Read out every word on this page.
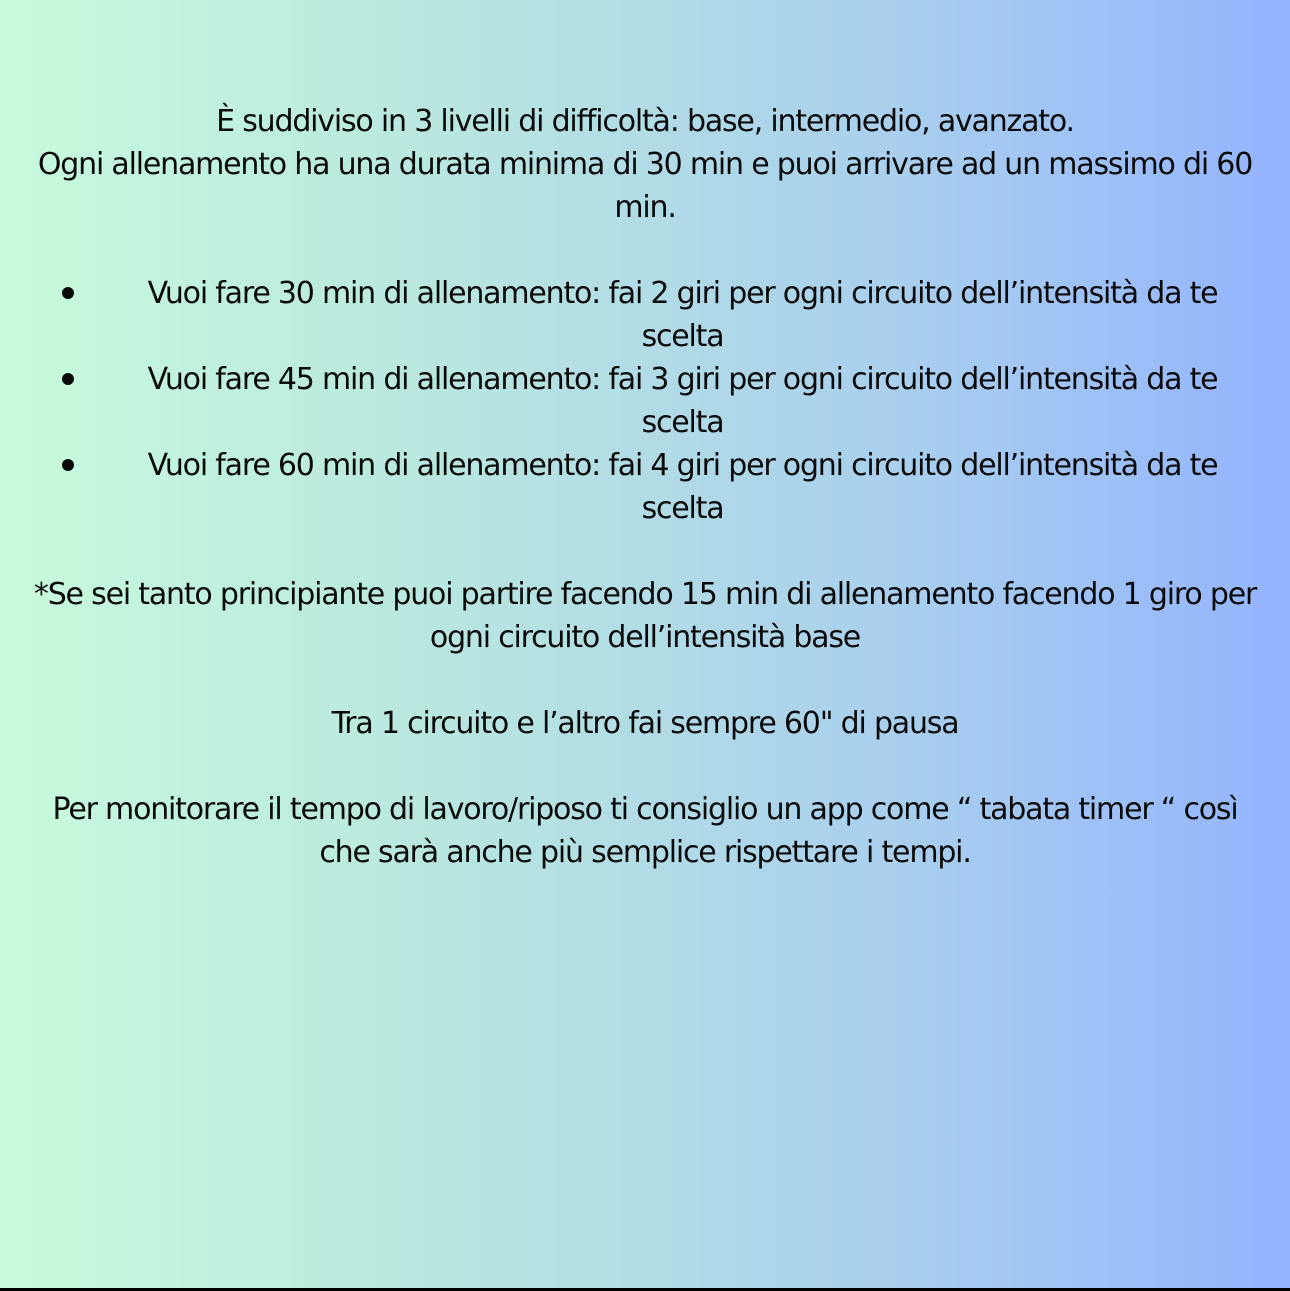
È suddiviso in 3 livelli di difficoltà: base, intermedio, avanzato.

Ogni allenamento ha una durata minima di 30 min e puoi arrivare ad un massimo di 60 min.

Vuoi fare 30 min di allenamento: fai 2 giri per ogni circuito dell’intensità da te scelta
Vuoi fare 45 min di allenamento: fai 3 giri per ogni circuito dell’intensità da te scelta
Vuoi fare 60 min di allenamento: fai 4 giri per ogni circuito dell’intensità da te scelta

*Se sei tanto principiante puoi partire facendo 15 min di allenamento facendo 1 giro per ogni circuito dell’intensità base

Tra 1 circuito e l’altro fai sempre 60" di pausa

Per monitorare il tempo di lavoro/riposo ti consiglio un app come “ tabata timer “ così che sarà anche più semplice rispettare i tempi.
